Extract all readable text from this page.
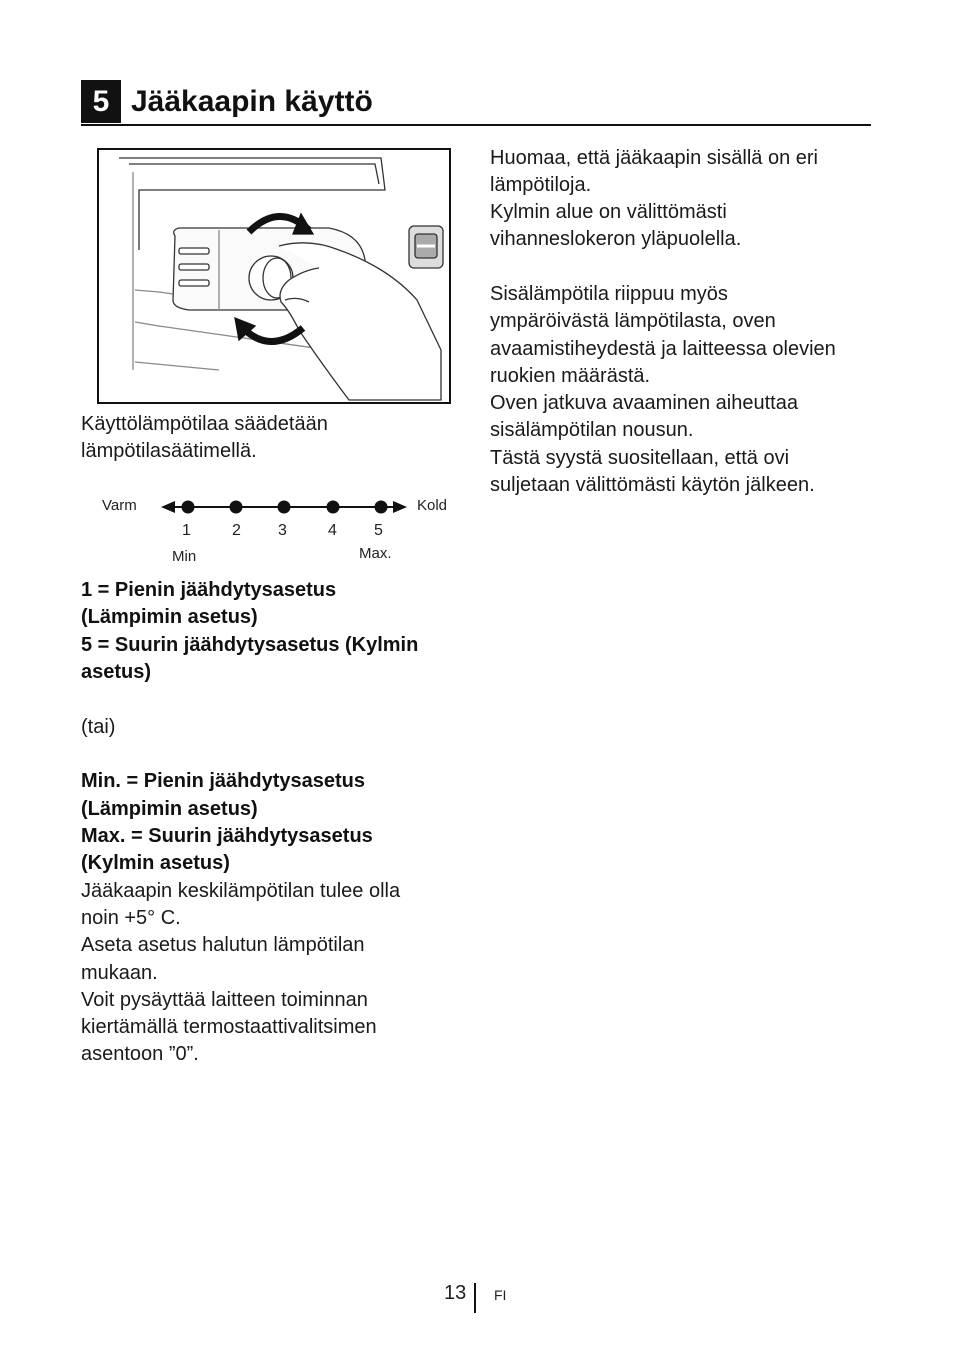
5 Jääkaapin käyttö

Käyttölämpötilaa säädetään

lämpötilasäätimellä.

Varm	Kold
1	2 3	4 5
Min	Max.

1 = Pienin jäähdytysasetus

(Lämpimin asetus)

5 = Suurin jäähdytysasetus (Kylmin

asetus)

(tai)

Min. = Pienin jäähdytysasetus

(Lämpimin asetus)

Max. = Suurin jäähdytysasetus

(Kylmin asetus)

Jääkaapin keskilämpötilan tulee olla

noin +5° C.

Aseta asetus halutun lämpötilan

mukaan.

Voit pysäyttää laitteen toiminnan

kiertämällä termostaattivalitsimen

asentoon ”0”.

Huomaa, että jääkaapin sisällä on eri

lämpötiloja.

Kylmin alue on välittömästi

vihanneslokeron yläpuolella.

Sisälämpötila riippuu myös

ympäröivästä lämpötilasta, oven

avaamistiheydestä ja laitteessa olevien

ruokien määrästä.

Oven jatkuva avaaminen aiheuttaa

sisälämpötilan nousun.

Tästä syystä suositellaan, että ovi

suljetaan välittömästi käytön jälkeen.

13 FI
